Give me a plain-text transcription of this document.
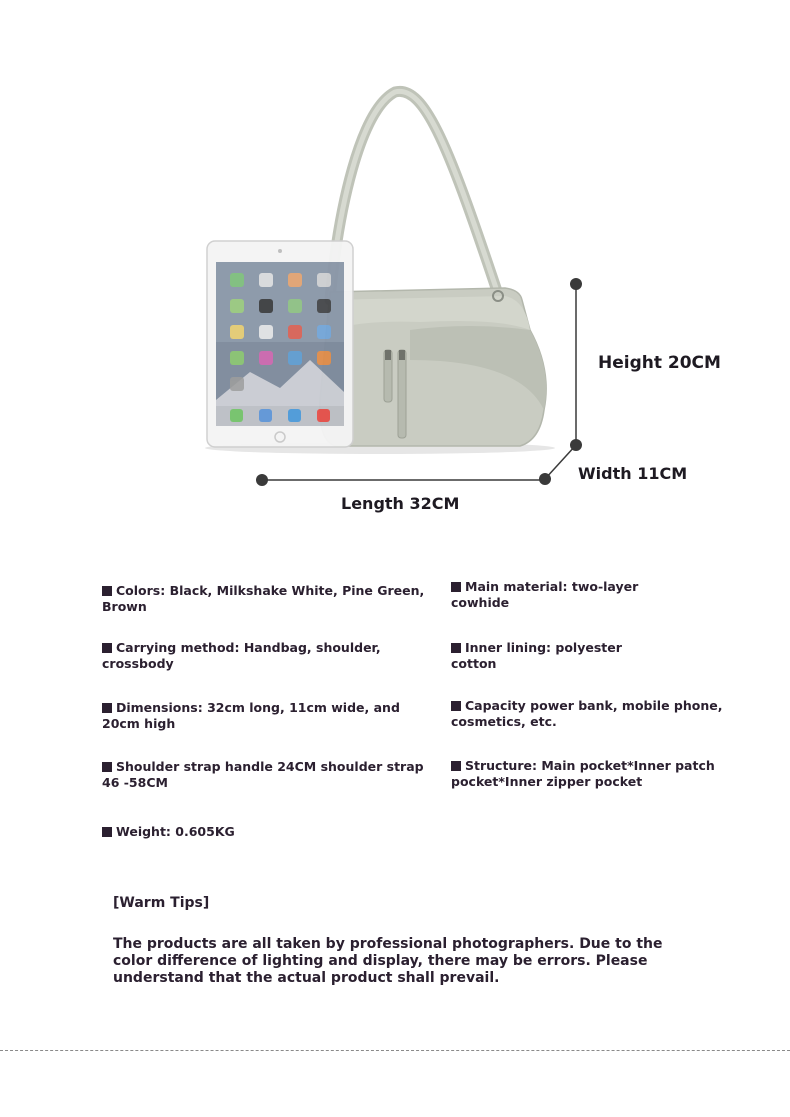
Height 20CM
Width 11CM
Length 32CM
Colors: Black, Milkshake White, Pine Green, Brown
Carrying method: Handbag, shoulder, crossbody
Dimensions: 32cm long, 11cm wide, and 20cm high
Shoulder strap handle 24CM shoulder strap 46 -58CM
Weight: 0.605KG
Main material: two-layer cowhide
Inner lining: polyester cotton
Capacity power bank, mobile phone, cosmetics, etc.
Structure: Main pocket*Inner patch pocket*Inner zipper pocket
[Warm Tips]
The products are all taken by professional photographers. Due to the color difference of lighting and display, there may be errors. Please understand that the actual product shall prevail.
